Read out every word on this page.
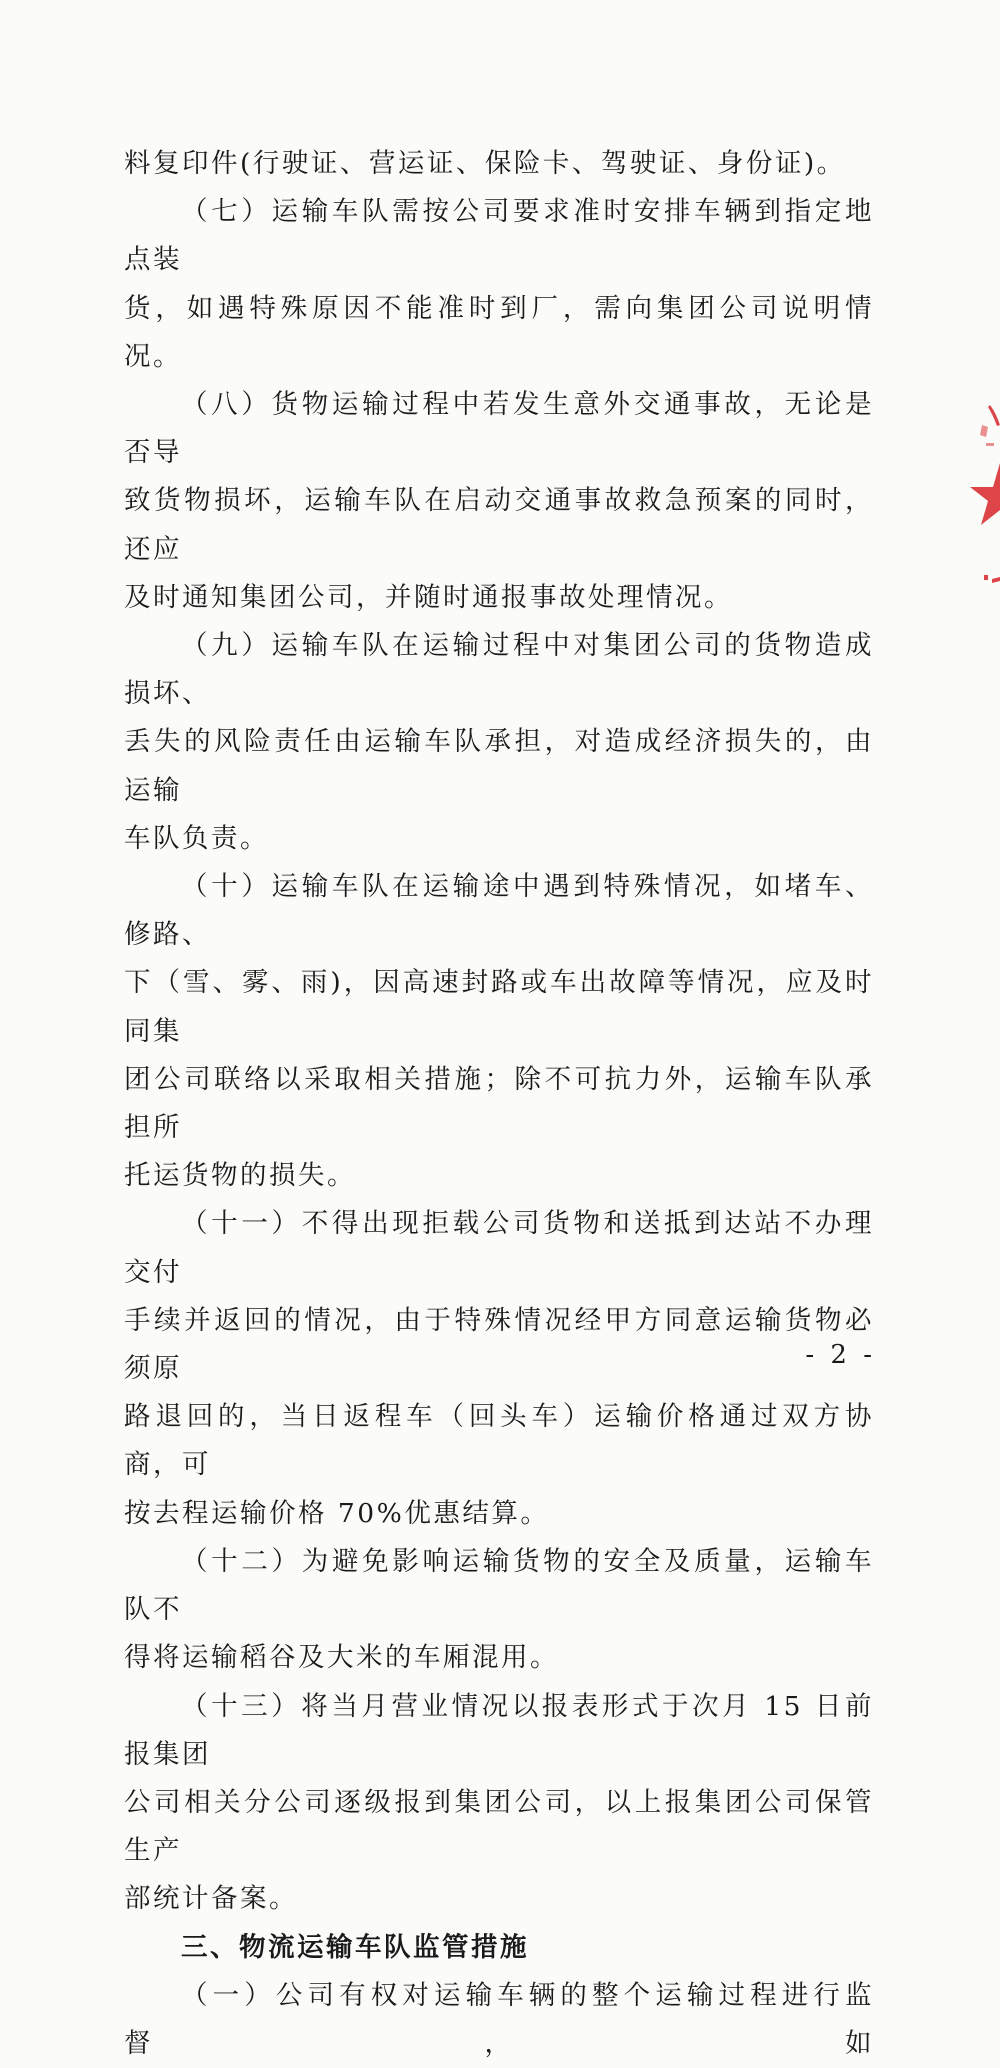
料复印件(行驶证、营运证、保险卡、驾驶证、身份证)。

（七）运输车队需按公司要求准时安排车辆到指定地点装
货，如遇特殊原因不能准时到厂，需向集团公司说明情况。

（八）货物运输过程中若发生意外交通事故，无论是否导
致货物损坏，运输车队在启动交通事故救急预案的同时，还应
及时通知集团公司，并随时通报事故处理情况。

（九）运输车队在运输过程中对集团公司的货物造成损坏、
丢失的风险责任由运输车队承担，对造成经济损失的，由运输
车队负责。

（十）运输车队在运输途中遇到特殊情况，如堵车、修路、
下（雪、雾、雨)，因高速封路或车出故障等情况，应及时同集
团公司联络以采取相关措施；除不可抗力外，运输车队承担所
托运货物的损失。

（十一）不得出现拒载公司货物和送抵到达站不办理交付
手续并返回的情况，由于特殊情况经甲方同意运输货物必须原
路退回的，当日返程车（回头车）运输价格通过双方协商，可
按去程运输价格 70%优惠结算。

（十二）为避免影响运输货物的安全及质量，运输车队不
得将运输稻谷及大米的车厢混用。

（十三）将当月营业情况以报表形式于次月 15 日前报集团
公司相关分公司逐级报到集团公司，以上报集团公司保管生产
部统计备案。

三、物流运输车队监管措施

（一）公司有权对运输车辆的整个运输过程进行监督，如

- 2 -
